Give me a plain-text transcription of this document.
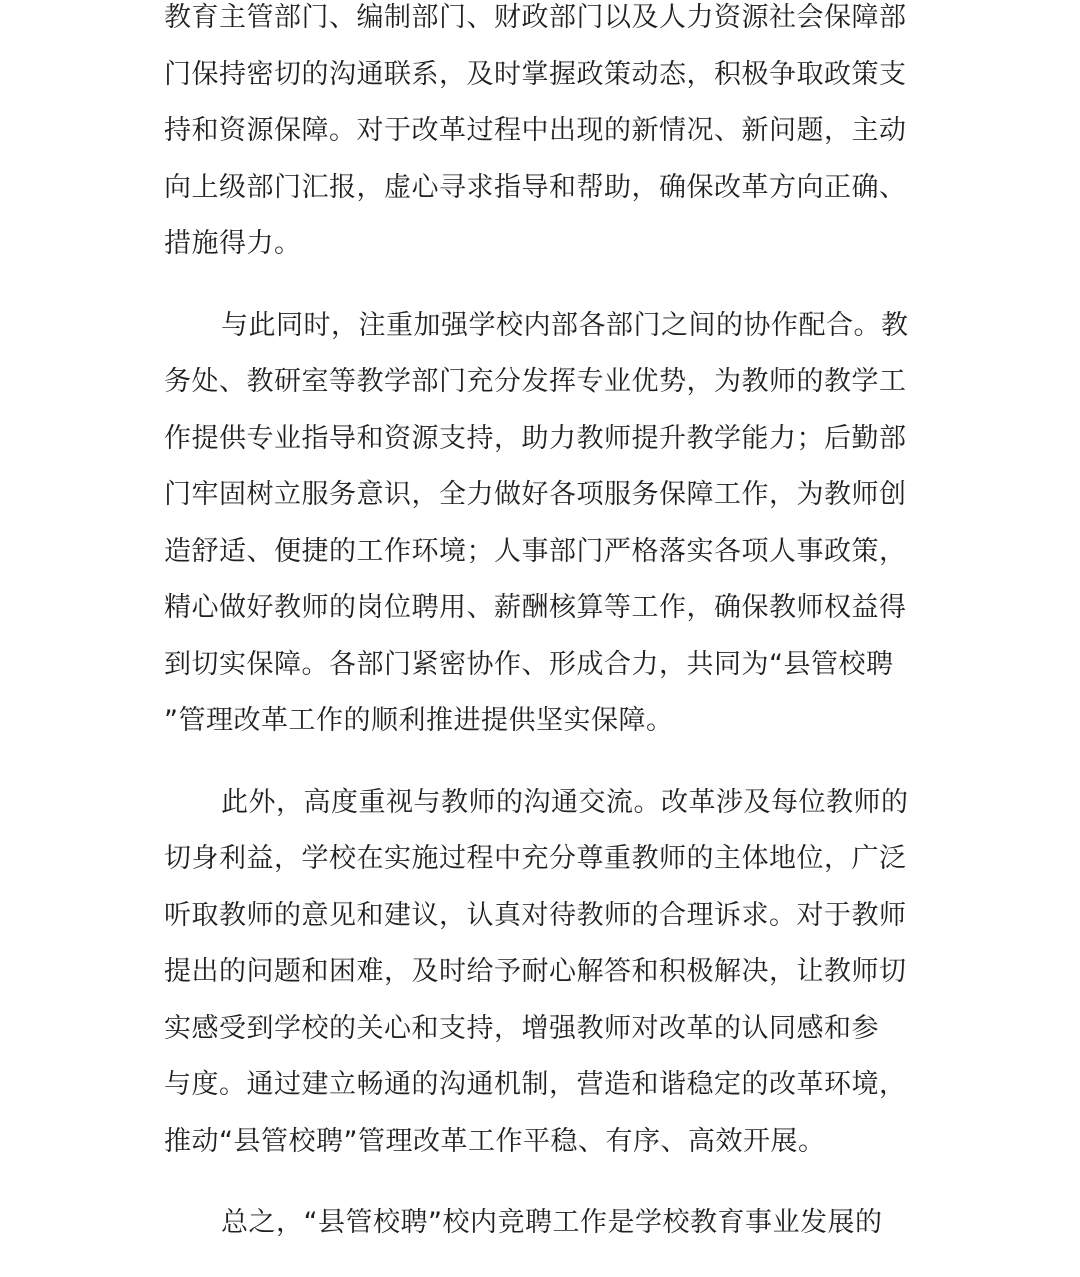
教育主管部门、编制部门、财政部门以及人力资源社会保障部
门保持密切的沟通联系，及时掌握政策动态，积极争取政策支
持和资源保障。对于改革过程中出现的新情况、新问题，主动
向上级部门汇报，虚心寻求指导和帮助，确保改革方向正确、
措施得力。
与此同时，注重加强学校内部各部门之间的协作配合。教
务处、教研室等教学部门充分发挥专业优势，为教师的教学工
作提供专业指导和资源支持，助力教师提升教学能力；后勤部
门牢固树立服务意识，全力做好各项服务保障工作，为教师创
造舒适、便捷的工作环境；人事部门严格落实各项人事政策，
精心做好教师的岗位聘用、薪酬核算等工作，确保教师权益得
到切实保障。各部门紧密协作、形成合力，共同为“县管校聘
”管理改革工作的顺利推进提供坚实保障。
此外，高度重视与教师的沟通交流。改革涉及每位教师的
切身利益，学校在实施过程中充分尊重教师的主体地位，广泛
听取教师的意见和建议，认真对待教师的合理诉求。对于教师
提出的问题和困难，及时给予耐心解答和积极解决，让教师切
实感受到学校的关心和支持，增强教师对改革的认同感和参
与度。通过建立畅通的沟通机制，营造和谐稳定的改革环境，
推动“县管校聘”管理改革工作平稳、有序、高效开展。
总之，“县管校聘”校内竞聘工作是学校教育事业发展的
